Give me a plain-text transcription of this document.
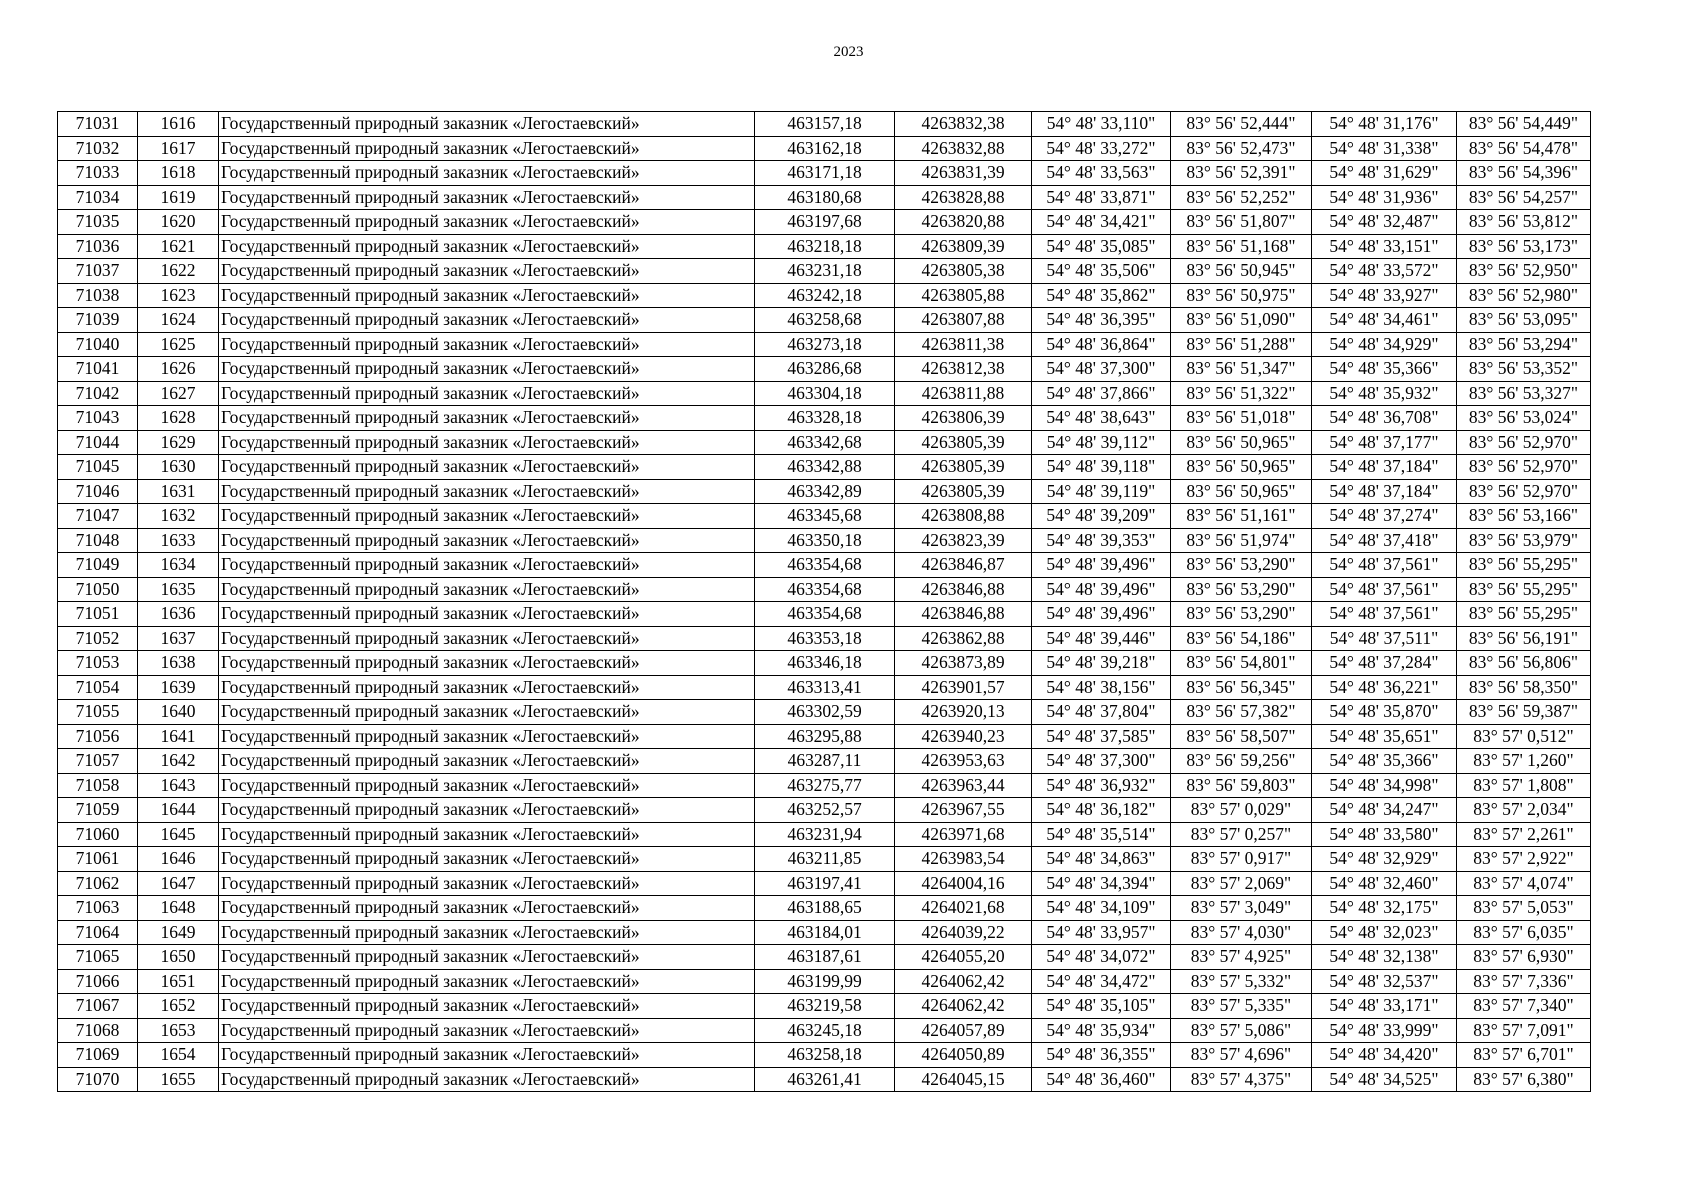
2023
71031	1616	Государственный природный заказник «Легостаевский»	463157,18	4263832,38	54° 48' 33,110"	83° 56' 52,444"	54° 48' 31,176"	83° 56' 54,449"
71032	1617	Государственный природный заказник «Легостаевский»	463162,18	4263832,88	54° 48' 33,272"	83° 56' 52,473"	54° 48' 31,338"	83° 56' 54,478"
71033	1618	Государственный природный заказник «Легостаевский»	463171,18	4263831,39	54° 48' 33,563"	83° 56' 52,391"	54° 48' 31,629"	83° 56' 54,396"
71034	1619	Государственный природный заказник «Легостаевский»	463180,68	4263828,88	54° 48' 33,871"	83° 56' 52,252"	54° 48' 31,936"	83° 56' 54,257"
71035	1620	Государственный природный заказник «Легостаевский»	463197,68	4263820,88	54° 48' 34,421"	83° 56' 51,807"	54° 48' 32,487"	83° 56' 53,812"
71036	1621	Государственный природный заказник «Легостаевский»	463218,18	4263809,39	54° 48' 35,085"	83° 56' 51,168"	54° 48' 33,151"	83° 56' 53,173"
71037	1622	Государственный природный заказник «Легостаевский»	463231,18	4263805,38	54° 48' 35,506"	83° 56' 50,945"	54° 48' 33,572"	83° 56' 52,950"
71038	1623	Государственный природный заказник «Легостаевский»	463242,18	4263805,88	54° 48' 35,862"	83° 56' 50,975"	54° 48' 33,927"	83° 56' 52,980"
71039	1624	Государственный природный заказник «Легостаевский»	463258,68	4263807,88	54° 48' 36,395"	83° 56' 51,090"	54° 48' 34,461"	83° 56' 53,095"
71040	1625	Государственный природный заказник «Легостаевский»	463273,18	4263811,38	54° 48' 36,864"	83° 56' 51,288"	54° 48' 34,929"	83° 56' 53,294"
71041	1626	Государственный природный заказник «Легостаевский»	463286,68	4263812,38	54° 48' 37,300"	83° 56' 51,347"	54° 48' 35,366"	83° 56' 53,352"
71042	1627	Государственный природный заказник «Легостаевский»	463304,18	4263811,88	54° 48' 37,866"	83° 56' 51,322"	54° 48' 35,932"	83° 56' 53,327"
71043	1628	Государственный природный заказник «Легостаевский»	463328,18	4263806,39	54° 48' 38,643"	83° 56' 51,018"	54° 48' 36,708"	83° 56' 53,024"
71044	1629	Государственный природный заказник «Легостаевский»	463342,68	4263805,39	54° 48' 39,112"	83° 56' 50,965"	54° 48' 37,177"	83° 56' 52,970"
71045	1630	Государственный природный заказник «Легостаевский»	463342,88	4263805,39	54° 48' 39,118"	83° 56' 50,965"	54° 48' 37,184"	83° 56' 52,970"
71046	1631	Государственный природный заказник «Легостаевский»	463342,89	4263805,39	54° 48' 39,119"	83° 56' 50,965"	54° 48' 37,184"	83° 56' 52,970"
71047	1632	Государственный природный заказник «Легостаевский»	463345,68	4263808,88	54° 48' 39,209"	83° 56' 51,161"	54° 48' 37,274"	83° 56' 53,166"
71048	1633	Государственный природный заказник «Легостаевский»	463350,18	4263823,39	54° 48' 39,353"	83° 56' 51,974"	54° 48' 37,418"	83° 56' 53,979"
71049	1634	Государственный природный заказник «Легостаевский»	463354,68	4263846,87	54° 48' 39,496"	83° 56' 53,290"	54° 48' 37,561"	83° 56' 55,295"
71050	1635	Государственный природный заказник «Легостаевский»	463354,68	4263846,88	54° 48' 39,496"	83° 56' 53,290"	54° 48' 37,561"	83° 56' 55,295"
71051	1636	Государственный природный заказник «Легостаевский»	463354,68	4263846,88	54° 48' 39,496"	83° 56' 53,290"	54° 48' 37,561"	83° 56' 55,295"
71052	1637	Государственный природный заказник «Легостаевский»	463353,18	4263862,88	54° 48' 39,446"	83° 56' 54,186"	54° 48' 37,511"	83° 56' 56,191"
71053	1638	Государственный природный заказник «Легостаевский»	463346,18	4263873,89	54° 48' 39,218"	83° 56' 54,801"	54° 48' 37,284"	83° 56' 56,806"
71054	1639	Государственный природный заказник «Легостаевский»	463313,41	4263901,57	54° 48' 38,156"	83° 56' 56,345"	54° 48' 36,221"	83° 56' 58,350"
71055	1640	Государственный природный заказник «Легостаевский»	463302,59	4263920,13	54° 48' 37,804"	83° 56' 57,382"	54° 48' 35,870"	83° 56' 59,387"
71056	1641	Государственный природный заказник «Легостаевский»	463295,88	4263940,23	54° 48' 37,585"	83° 56' 58,507"	54° 48' 35,651"	83° 57' 0,512"
71057	1642	Государственный природный заказник «Легостаевский»	463287,11	4263953,63	54° 48' 37,300"	83° 56' 59,256"	54° 48' 35,366"	83° 57' 1,260"
71058	1643	Государственный природный заказник «Легостаевский»	463275,77	4263963,44	54° 48' 36,932"	83° 56' 59,803"	54° 48' 34,998"	83° 57' 1,808"
71059	1644	Государственный природный заказник «Легостаевский»	463252,57	4263967,55	54° 48' 36,182"	83° 57' 0,029"	54° 48' 34,247"	83° 57' 2,034"
71060	1645	Государственный природный заказник «Легостаевский»	463231,94	4263971,68	54° 48' 35,514"	83° 57' 0,257"	54° 48' 33,580"	83° 57' 2,261"
71061	1646	Государственный природный заказник «Легостаевский»	463211,85	4263983,54	54° 48' 34,863"	83° 57' 0,917"	54° 48' 32,929"	83° 57' 2,922"
71062	1647	Государственный природный заказник «Легостаевский»	463197,41	4264004,16	54° 48' 34,394"	83° 57' 2,069"	54° 48' 32,460"	83° 57' 4,074"
71063	1648	Государственный природный заказник «Легостаевский»	463188,65	4264021,68	54° 48' 34,109"	83° 57' 3,049"	54° 48' 32,175"	83° 57' 5,053"
71064	1649	Государственный природный заказник «Легостаевский»	463184,01	4264039,22	54° 48' 33,957"	83° 57' 4,030"	54° 48' 32,023"	83° 57' 6,035"
71065	1650	Государственный природный заказник «Легостаевский»	463187,61	4264055,20	54° 48' 34,072"	83° 57' 4,925"	54° 48' 32,138"	83° 57' 6,930"
71066	1651	Государственный природный заказник «Легостаевский»	463199,99	4264062,42	54° 48' 34,472"	83° 57' 5,332"	54° 48' 32,537"	83° 57' 7,336"
71067	1652	Государственный природный заказник «Легостаевский»	463219,58	4264062,42	54° 48' 35,105"	83° 57' 5,335"	54° 48' 33,171"	83° 57' 7,340"
71068	1653	Государственный природный заказник «Легостаевский»	463245,18	4264057,89	54° 48' 35,934"	83° 57' 5,086"	54° 48' 33,999"	83° 57' 7,091"
71069	1654	Государственный природный заказник «Легостаевский»	463258,18	4264050,89	54° 48' 36,355"	83° 57' 4,696"	54° 48' 34,420"	83° 57' 6,701"
71070	1655	Государственный природный заказник «Легостаевский»	463261,41	4264045,15	54° 48' 36,460"	83° 57' 4,375"	54° 48' 34,525"	83° 57' 6,380"
